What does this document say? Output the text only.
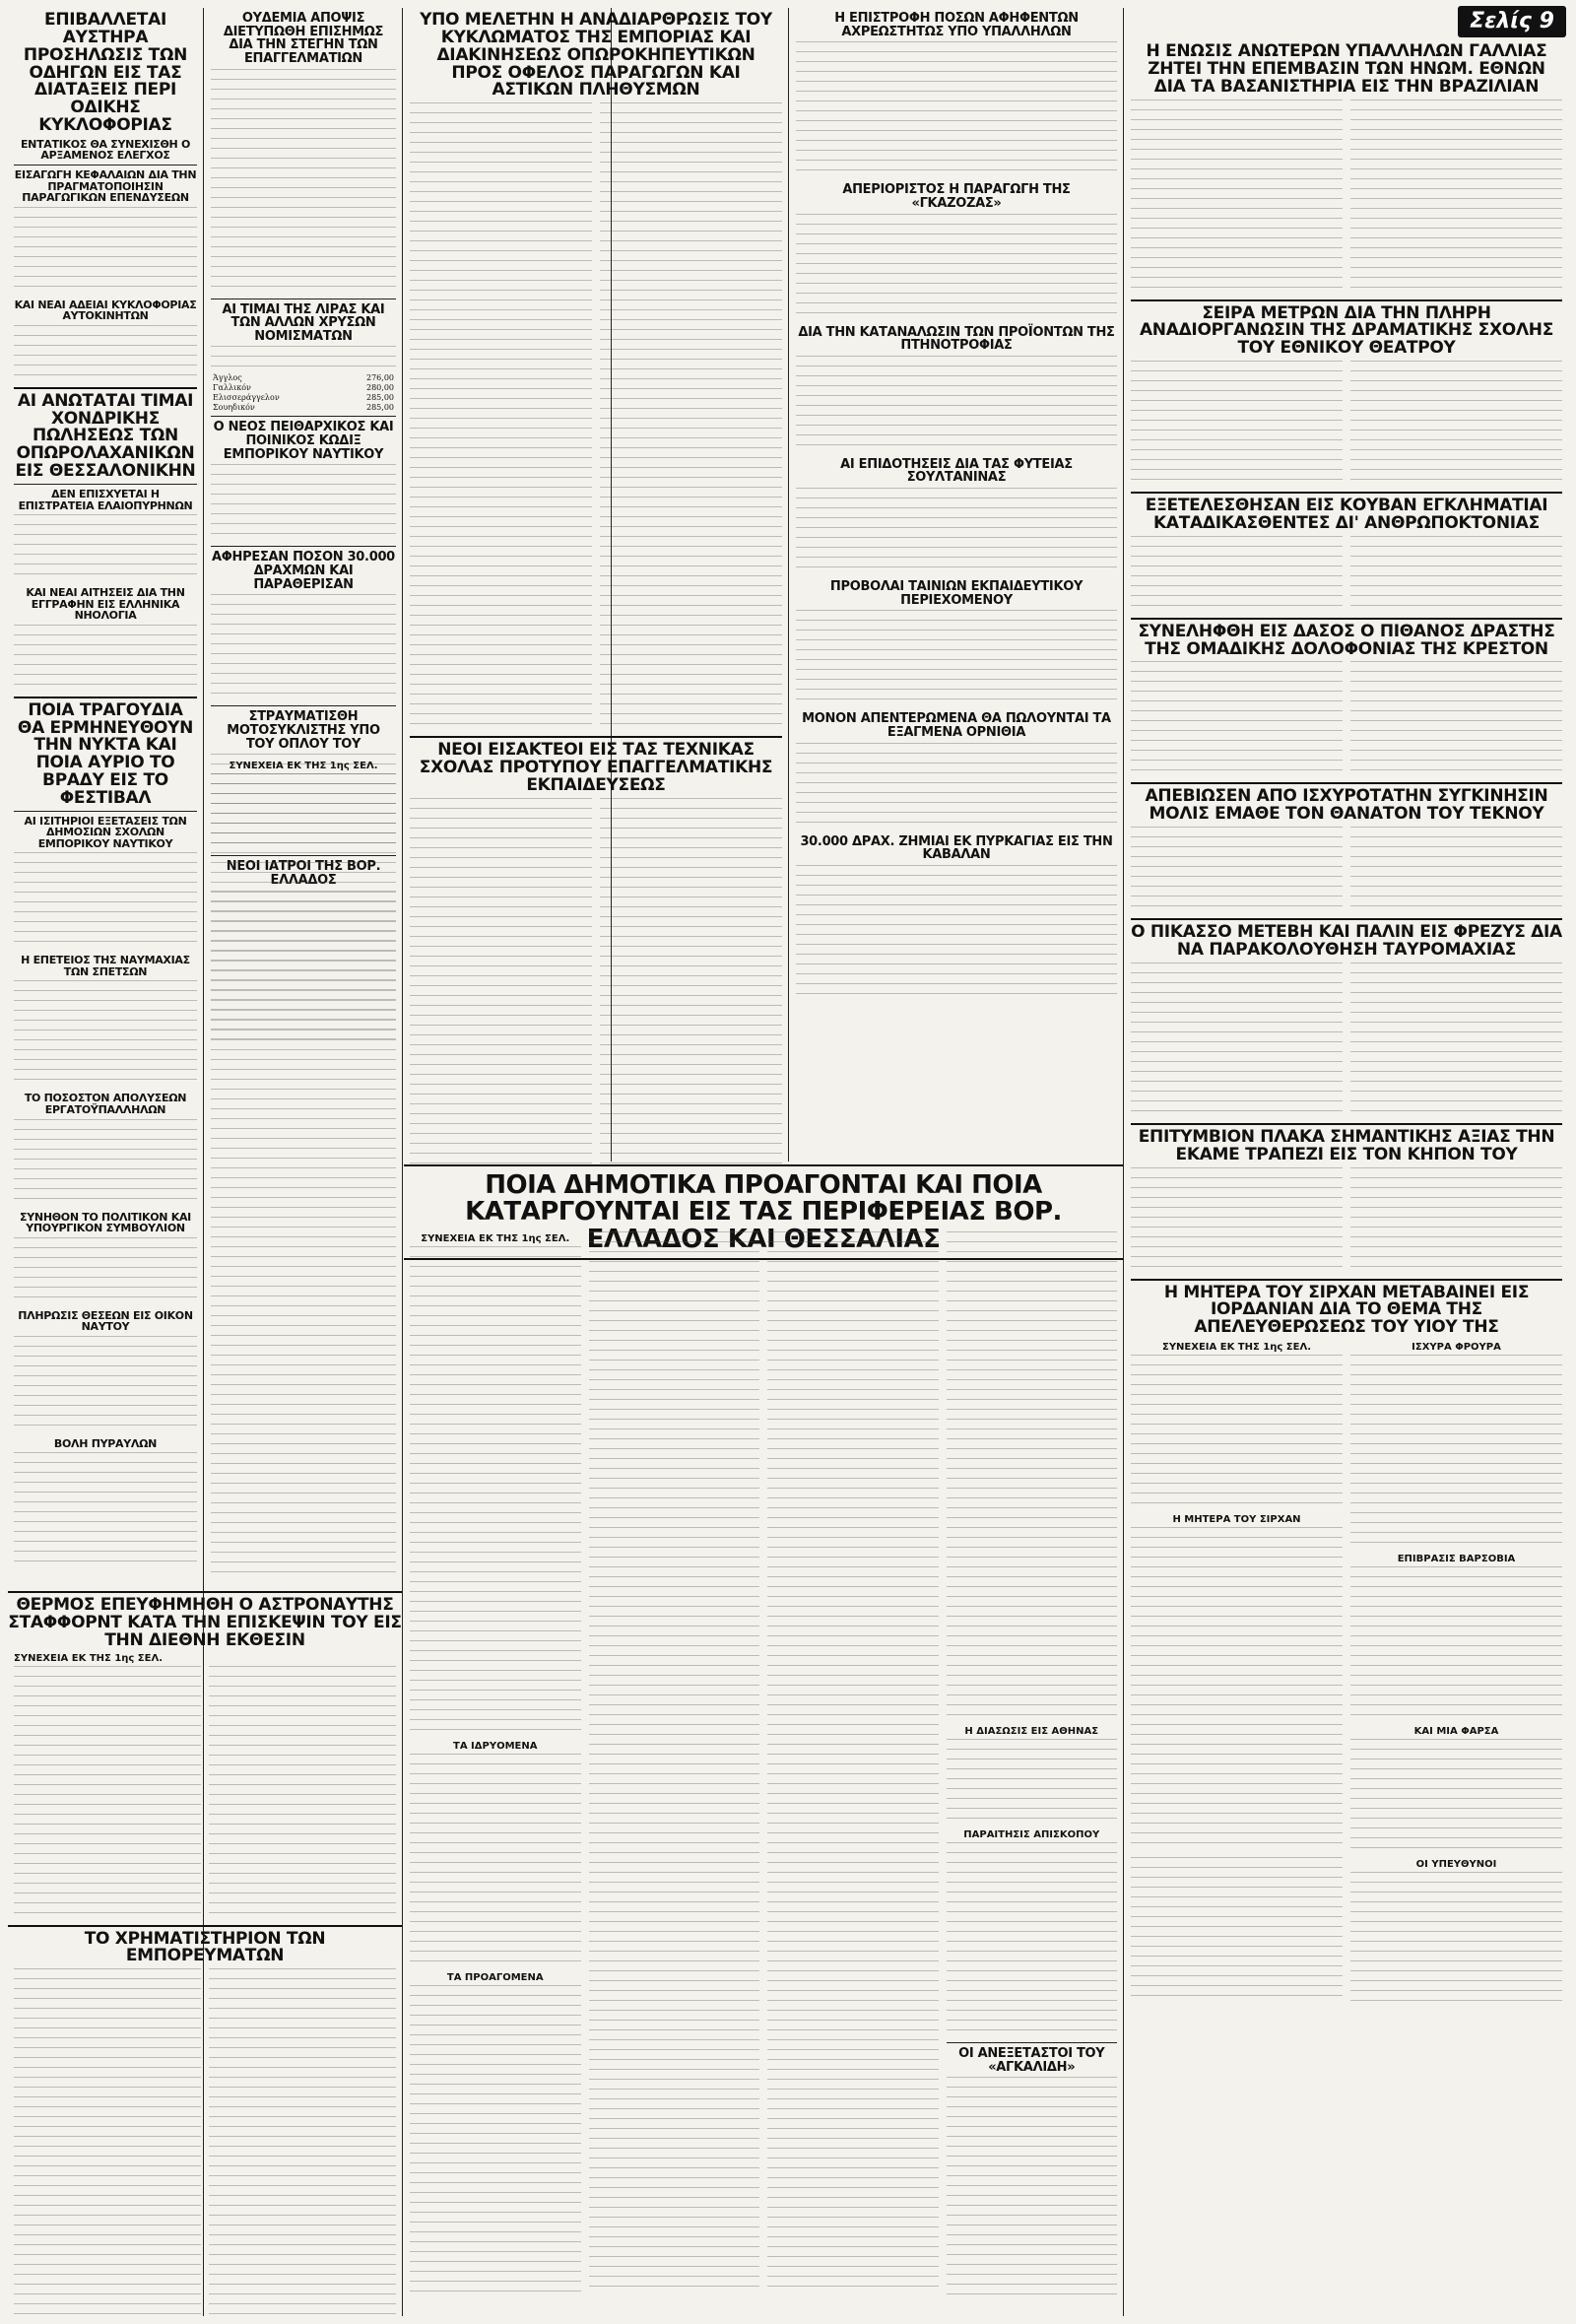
Σελίς 9
ΕΠΙΒΑΛΛΕΤΑΙ ΑΥΣΤΗΡΑ ΠΡΟΣΗΛΩΣΙΣ ΤΩΝ ΟΔΗΓΩΝ ΕΙΣ ΤΑΣ ΔΙΑΤΑΞΕΙΣ ΠΕΡΙ ΟΔΙΚΗΣ ΚΥΚΛΟΦΟΡΙΑΣ
ΕΝΤΑΤΙΚΟΣ ΘΑ ΣΥΝΕΧΙΣΘΗ Ο ΑΡΞΑΜΕΝΟΣ ΕΛΕΓΧΟΣ
ΕΙΣΑΓΩΓΗ ΚΕΦΑΛΑΙΩΝ ΔΙΑ ΤΗΝ ΠΡΑΓΜΑΤΟΠΟΙΗΣΙΝ ΠΑΡΑΓΩΓΙΚΩΝ ΕΠΕΝΔΥΣΕΩΝ
ΚΑΙ ΝΕΑΙ ΑΔΕΙΑΙ ΚΥΚΛΟΦΟΡΙΑΣ ΑΥΤΟΚΙΝΗΤΩΝ
ΑΙ ΑΝΩΤΑΤΑΙ ΤΙΜΑΙ ΧΟΝΔΡΙΚΗΣ ΠΩΛΗΣΕΩΣ ΤΩΝ ΟΠΩΡΟΛΑΧΑΝΙΚΩΝ ΕΙΣ ΘΕΣΣΑΛΟΝΙΚΗΝ
ΔΕΝ ΕΠΙΣΧΥΕΤΑΙ Η ΕΠΙΣΤΡΑΤΕΙΑ ΕΛΑΙΟΠΥΡΗΝΩΝ
ΚΑΙ ΝΕΑΙ ΑΙΤΗΣΕΙΣ ΔΙΑ ΤΗΝ ΕΓΓΡΑΦΗΝ ΕΙΣ ΕΛΛΗΝΙΚΑ ΝΗΟΛΟΓΙΑ
ΠΟΙΑ ΤΡΑΓΟΥΔΙΑ ΘΑ ΕΡΜΗΝΕΥΘΟΥΝ ΤΗΝ ΝΥΚΤΑ ΚΑΙ ΠΟΙΑ ΑΥΡΙΟ ΤΟ ΒΡΑΔΥ ΕΙΣ ΤΟ ΦΕΣΤΙΒΑΛ
ΑΙ ΙΣΙΤΗΡΙΟΙ ΕΞΕΤΑΣΕΙΣ ΤΩΝ ΔΗΜΟΣΙΩΝ ΣΧΟΛΩΝ ΕΜΠΟΡΙΚΟΥ ΝΑΥΤΙΚΟΥ
Η ΕΠΕΤΕΙΟΣ ΤΗΣ ΝΑΥΜΑΧΙΑΣ ΤΩΝ ΣΠΕΤΣΩΝ
ΤΟ ΠΟΣΟΣΤΟΝ ΑΠΟΛΥΣΕΩΝ ΕΡΓΑΤΟΫΠΑΛΛΗΛΩΝ
ΣΥΝΗΘΟΝ ΤΟ ΠΟΛΙΤΙΚΟΝ ΚΑΙ ΥΠΟΥΡΓΙΚΟΝ ΣΥΜΒΟΥΛΙΟΝ
ΠΛΗΡΩΣΙΣ ΘΕΣΕΩΝ ΕΙΣ ΟΙΚΟΝ ΝΑΥΤΟΥ
ΒΟΛΗ ΠΥΡΑΥΛΩΝ
ΟΥΔΕΜΙΑ ΑΠΟΨΙΣ ΔΙΕΤΥΠΩΘΗ ΕΠΙΣΗΜΩΣ ΔΙΑ ΤΗΝ ΣΤΕΓΗΝ ΤΩΝ ΕΠΑΓΓΕΛΜΑΤΙΩΝ
ΑΙ ΤΙΜΑΙ ΤΗΣ ΛΙΡΑΣ ΚΑΙ ΤΩΝ ΑΛΛΩΝ ΧΡΥΣΩΝ ΝΟΜΙΣΜΑΤΩΝ
Άγγλος	276,00
Γαλλικόν	280,00
Ελισσεράγγελον	285,00
Σουηδικόν	285,00
Ο ΝΕΟΣ ΠΕΙΘΑΡΧΙΚΟΣ ΚΑΙ ΠΟΙΝΙΚΟΣ ΚΩΔΙΞ ΕΜΠΟΡΙΚΟΥ ΝΑΥΤΙΚΟΥ
ΑΦΗΡΕΣΑΝ ΠΟΣΟΝ 30.000 ΔΡΑΧΜΩΝ ΚΑΙ ΠΑΡΑΘΕΡΙΣΑΝ
ΣΤΡΑΥΜΑΤΙΣΘΗ ΜΟΤΟΣΥΚΛΙΣΤΗΣ ΥΠΟ ΤΟΥ ΟΠΛΟΥ ΤΟΥ
ΝΕΟΙ ΙΑΤΡΟΙ ΤΗΣ ΒΟΡ. ΕΛΛΑΔΟΣ
ΣΥΝΕΧΕΙΑ ΕΚ ΤΗΣ 1ης ΣΕΛ.
ΥΠΟ ΜΕΛΕΤΗΝ Η ΑΝΑΔΙΑΡΘΡΩΣΙΣ ΤΟΥ ΚΥΚΛΩΜΑΤΟΣ ΤΗΣ ΕΜΠΟΡΙΑΣ ΚΑΙ ΔΙΑΚΙΝΗΣΕΩΣ ΟΠΩΡΟΚΗΠΕΥΤΙΚΩΝ ΠΡΟΣ ΟΦΕΛΟΣ ΠΑΡΑΓΩΓΩΝ ΚΑΙ ΑΣΤΙΚΩΝ ΠΛΗΘΥΣΜΩΝ
ΝΕΟΙ ΕΙΣΑΚΤΕΟΙ ΕΙΣ ΤΑΣ ΤΕΧΝΙΚΑΣ ΣΧΟΛΑΣ ΠΡΟΤΥΠΟΥ ΕΠΑΓΓΕΛΜΑΤΙΚΗΣ ΕΚΠΑΙΔΕΥΣΕΩΣ
Η ΕΠΙΣΤΡΟΦΗ ΠΟΣΩΝ ΑΦΗΦΕΝΤΩΝ ΑΧΡΕΩΣΤΗΤΩΣ ΥΠΟ ΥΠΑΛΛΗΛΩΝ
ΑΠΕΡΙΟΡΙΣΤΟΣ Η ΠΑΡΑΓΩΓΗ ΤΗΣ «ΓΚΑΖΟΖΑΣ»
ΔΙΑ ΤΗΝ ΚΑΤΑΝΑΛΩΣΙΝ ΤΩΝ ΠΡΟΪΟΝΤΩΝ ΤΗΣ ΠΤΗΝΟΤΡΟΦΙΑΣ
ΑΙ ΕΠΙΔΟΤΗΣΕΙΣ ΔΙΑ ΤΑΣ ΦΥΤΕΙΑΣ ΣΟΥΛΤΑΝΙΝΑΣ
ΠΡΟΒΟΛΑΙ ΤΑΙΝΙΩΝ ΕΚΠΑΙΔΕΥΤΙΚΟΥ ΠΕΡΙΕΧΟΜΕΝΟΥ
ΜΟΝΟΝ ΑΠΕΝΤΕΡΩΜΕΝΑ ΘΑ ΠΩΛΟΥΝΤΑΙ ΤΑ ΕΞΑΓΜΕΝΑ ΟΡΝΙΘΙΑ
30.000 ΔΡΑΧ. ΖΗΜΙΑΙ ΕΚ ΠΥΡΚΑΓΙΑΣ ΕΙΣ ΤΗΝ ΚΑΒΑΛΑΝ
Η ΕΝΩΣΙΣ ΑΝΩΤΕΡΩΝ ΥΠΑΛΛΗΛΩΝ ΓΑΛΛΙΑΣ ΖΗΤΕΙ ΤΗΝ ΕΠΕΜΒΑΣΙΝ ΤΩΝ ΗΝΩΜ. ΕΘΝΩΝ ΔΙΑ ΤΑ ΒΑΣΑΝΙΣΤΗΡΙΑ ΕΙΣ ΤΗΝ ΒΡΑΖΙΛΙΑΝ
ΣΕΙΡΑ ΜΕΤΡΩΝ ΔΙΑ ΤΗΝ ΠΛΗΡΗ ΑΝΑΔΙΟΡΓΑΝΩΣΙΝ ΤΗΣ ΔΡΑΜΑΤΙΚΗΣ ΣΧΟΛΗΣ ΤΟΥ ΕΘΝΙΚΟΥ ΘΕΑΤΡΟΥ
ΕΞΕΤΕΛΕΣΘΗΣΑΝ ΕΙΣ ΚΟΥΒΑΝ ΕΓΚΛΗΜΑΤΙΑΙ ΚΑΤΑΔΙΚΑΣΘΕΝΤΕΣ ΔΙ' ΑΝΘΡΩΠΟΚΤΟΝΙΑΣ
ΣΥΝΕΛΗΦΘΗ ΕΙΣ ΔΑΣΟΣ Ο ΠΙΘΑΝΟΣ ΔΡΑΣΤΗΣ ΤΗΣ ΟΜΑΔΙΚΗΣ ΔΟΛΟΦΟΝΙΑΣ ΤΗΣ ΚΡΕΣΤΟΝ
ΑΠΕΒΙΩΣΕΝ ΑΠΟ ΙΣΧΥΡΟΤΑΤΗΝ ΣΥΓΚΙΝΗΣΙΝ ΜΟΛΙΣ ΕΜΑΘΕ ΤΟΝ ΘΑΝΑΤΟΝ ΤΟΥ ΤΕΚΝΟΥ
Ο ΠΙΚΑΣΣΟ ΜΕΤΕΒΗ ΚΑΙ ΠΑΛΙΝ ΕΙΣ ΦΡΕΖΥΣ ΔΙΑ ΝΑ ΠΑΡΑΚΟΛΟΥΘΗΣΗ ΤΑΥΡΟΜΑΧΙΑΣ
ΕΠΙΤΥΜΒΙΟΝ ΠΛΑΚΑ ΣΗΜΑΝΤΙΚΗΣ ΑΞΙΑΣ ΤΗΝ ΕΚΑΜΕ ΤΡΑΠΕΖΙ ΕΙΣ ΤΟΝ ΚΗΠΟΝ ΤΟΥ
Η ΜΗΤΕΡΑ ΤΟΥ ΣΙΡΧΑΝ ΜΕΤΑΒΑΙΝΕΙ ΕΙΣ ΙΟΡΔΑΝΙΑΝ ΔΙΑ ΤΟ ΘΕΜΑ ΤΗΣ ΑΠΕΛΕΥΘΕΡΩΣΕΩΣ ΤΟΥ ΥΙΟΥ ΤΗΣ
ΣΥΝΕΧΕΙΑ ΕΚ ΤΗΣ 1ης ΣΕΛ.
Η ΜΗΤΕΡΑ ΤΟΥ ΣΙΡΧΑΝ
ΙΣΧΥΡΑ ΦΡΟΥΡΑ
ΕΠΙΒΡΑΣΙΣ ΒΑΡΣΟΒΙΑ
ΚΑΙ ΜΙΑ ΦΑΡΣΑ
ΟΙ ΥΠΕΥΘΥΝΟΙ
ΠΟΙΑ ΔΗΜΟΤΙΚΑ ΠΡΟΑΓΟΝΤΑΙ ΚΑΙ ΠΟΙΑ ΚΑΤΑΡΓΟΥΝΤΑΙ ΕΙΣ ΤΑΣ ΠΕΡΙΦΕΡΕΙΑΣ ΒΟΡ. ΕΛΛΑΔΟΣ ΚΑΙ ΘΕΣΣΑΛΙΑΣ
ΣΥΝΕΧΕΙΑ ΕΚ ΤΗΣ 1ης ΣΕΛ.
ΤΑ ΙΔΡΥΟΜΕΝΑ
ΤΑ ΠΡΟΑΓΟΜΕΝΑ
Η ΔΙΑΣΩΣΙΣ ΕΙΣ ΑΘΗΝΑΣ
ΠΑΡΑΙΤΗΣΙΣ ΑΠΙΣΚΟΠΟΥ
ΟΙ ΑΝΕΞΕΤΑΣΤΟΙ ΤΟΥ «ΑΓΚΑΛΙΔΗ»
ΘΕΡΜΟΣ ΕΠΕΥΦΗΜΗΘΗ Ο ΑΣΤΡΟΝΑΥΤΗΣ ΣΤΑΦΦΟΡΝΤ ΚΑΤΑ ΤΗΝ ΕΠΙΣΚΕΨΙΝ ΤΟΥ ΕΙΣ ΤΗΝ ΔΙΕΘΝΗ ΕΚΘΕΣΙΝ
ΣΥΝΕΧΕΙΑ ΕΚ ΤΗΣ 1ης ΣΕΛ.
ΤΟ ΧΡΗΜΑΤΙΣΤΗΡΙΟΝ ΤΩΝ ΕΜΠΟΡΕΥΜΑΤΩΝ
